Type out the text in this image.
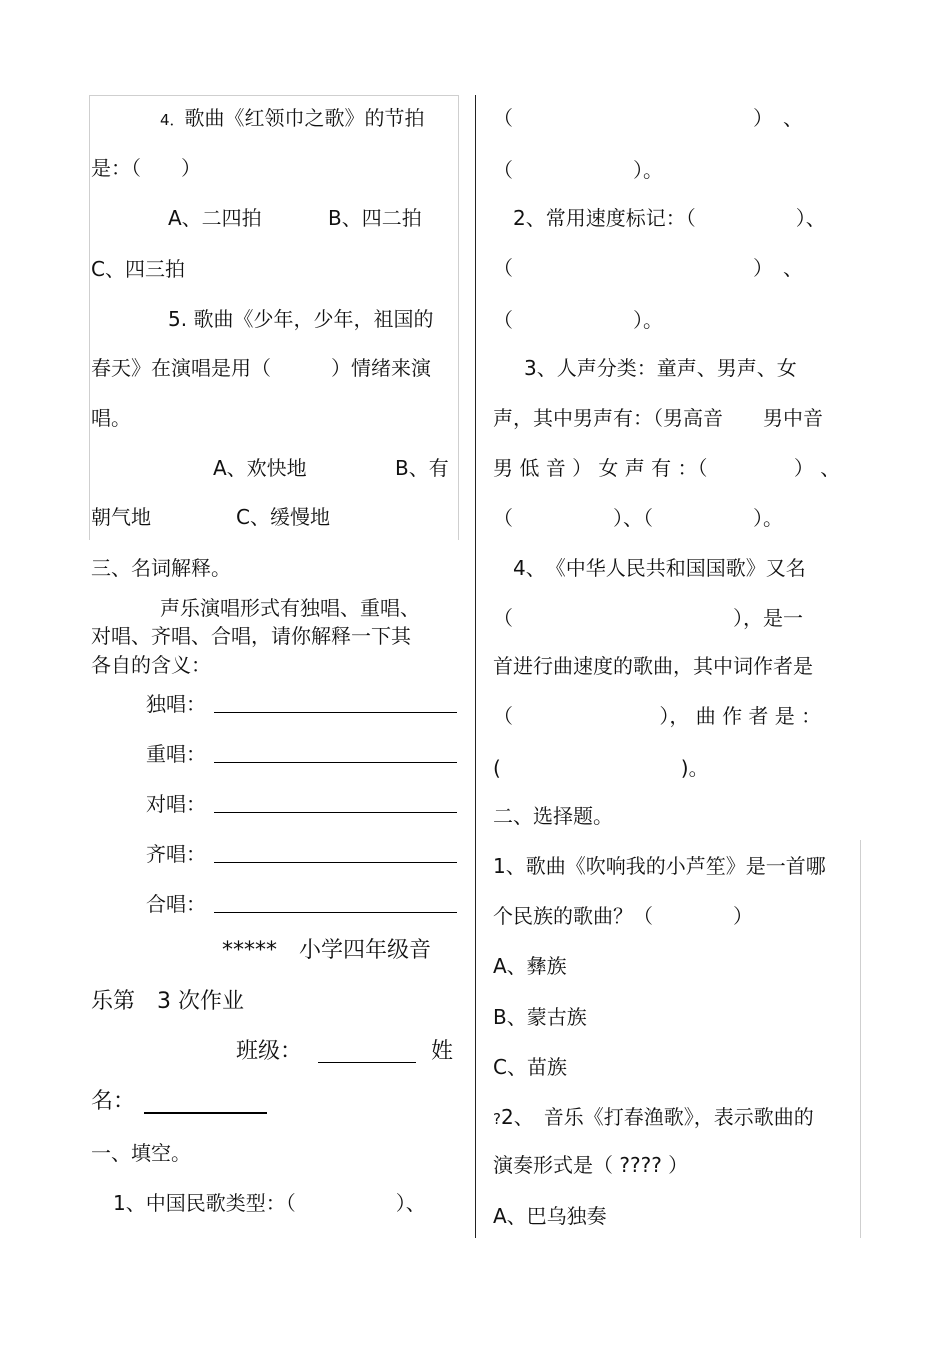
4．歌曲《红领巾之歌》的节拍
是：（　　）
A、二四拍	B、四二拍
C、四三拍
5. 歌曲《少年，少年，祖国的
春天》在演唱是用（　　　）情绪来演
唱。
A、欢快地	B、有
朝气地	C、缓慢地
三、名词解释。
声乐演唱形式有独唱、重唱、
对唱、齐唱、合唱，请你解释一下其
各自的含义：
独唱：
重唱：
对唱：
齐唱：
合唱：
*****　小学四年级音
乐第　3 次作业
班级：	姓
名：
一、填空。
1、中国民歌类型：（　　　　　）、
（　　　　　　　　　　　　）　、
（　　　　　　）。
2、常用速度标记：（　　　　　）、
（　　　　　　　　　　　　）　、
（　　　　　　）。
3、人声分类：童声、男声、女
声，其中男声有：（男高音　　男中音
男 低 音 ） 女 声 有 ：（　　　　 ） 、
（　　　　　）、（　　　　　）。
4、　《中华人民共和国国歌》又名
（　　　　　　　　　　　），是一
首进行曲速度的歌曲，其中词作者是
（　　　　　　　 ）， 曲 作 者 是 ：
(　　　　　　　　　)。
二、选择题。
1、歌曲《吹响我的小芦笙》是一首哪
个民族的歌曲？（　　　　）
A、彝族
B、蒙古族
C、苗族
?2、　音乐《打春渔歌》，表示歌曲的
演奏形式是（ ???? ）
A、巴乌独奏
